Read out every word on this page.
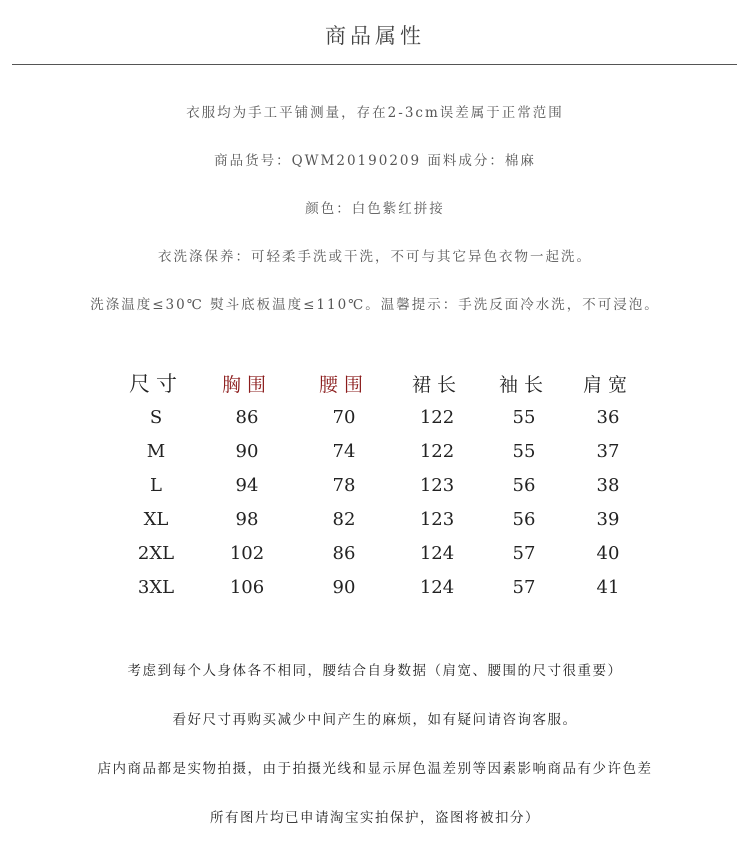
商品属性
衣服均为手工平铺测量，存在2-3cm误差属于正常范围
商品货号：QWM20190209 面料成分：棉麻
颜色：白色紫红拼接
衣洗涤保养：可轻柔手洗或干洗，不可与其它异色衣物一起洗。
洗涤温度≤30℃ 熨斗底板温度≤110℃。温馨提示：手洗反面冷水洗，不可浸泡。
尺寸	胸围	腰围	裙长	袖长	肩宽
S	86	70	122	55	36
M	90	74	122	55	37
L	94	78	123	56	38
XL	98	82	123	56	39
2XL	102	86	124	57	40
3XL	106	90	124	57	41
考虑到每个人身体各不相同，腰结合自身数据（肩宽、腰围的尺寸很重要）
看好尺寸再购买减少中间产生的麻烦，如有疑问请咨询客服。
店内商品都是实物拍摄，由于拍摄光线和显示屏色温差别等因素影响商品有少许色差
所有图片均已申请淘宝实拍保护，盗图将被扣分）
